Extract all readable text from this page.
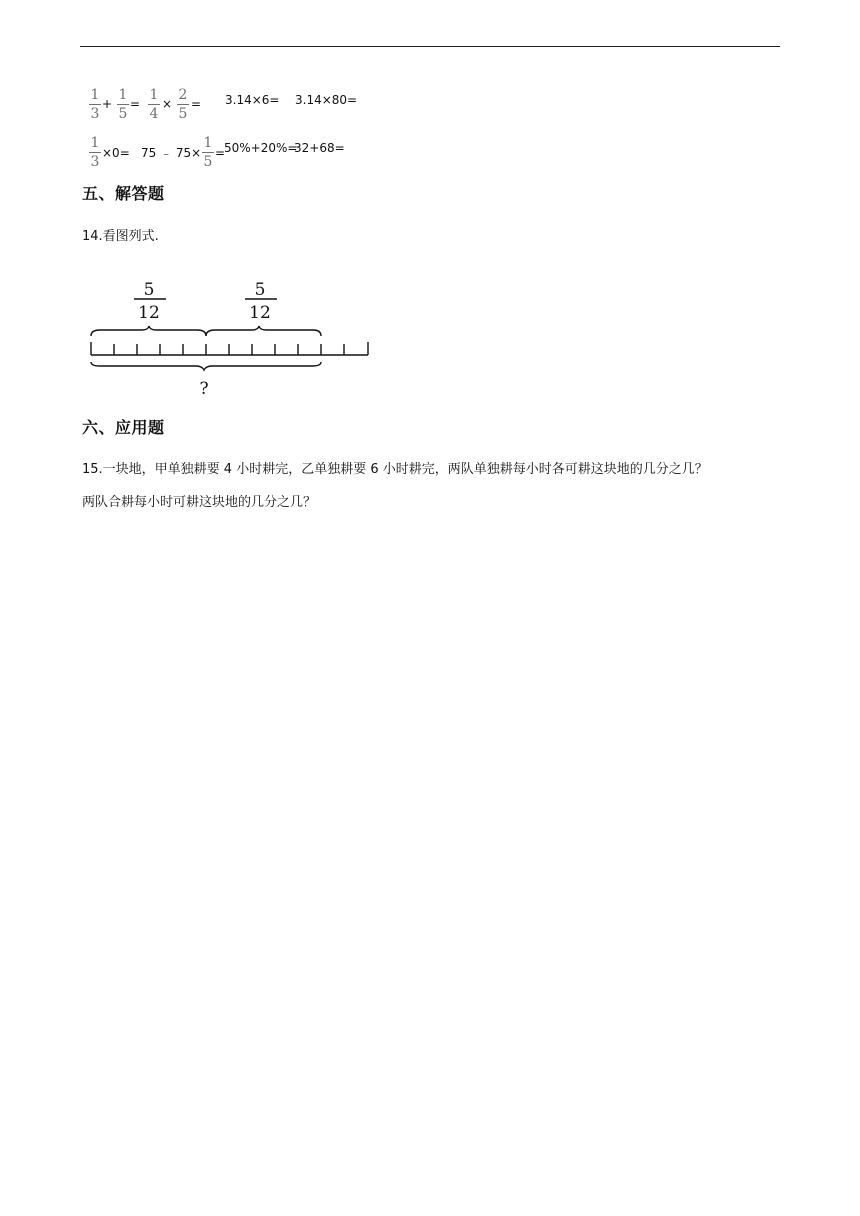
1
3
+
1
5
=
1
4
×
2
5
= 3.14×6= 3.14×80=
1
3
×0= 75 ﹣ 75×
1
5
=
50%+20%=
32+68=
五、解答题
14.看图列式.
5
12
5
12
?
六、应用题
15.一块地，甲单独耕要 4 小时耕完，乙单独耕要 6 小时耕完，两队单独耕每小时各可耕这块地的几分之几？
两队合耕每小时可耕这块地的几分之几？
